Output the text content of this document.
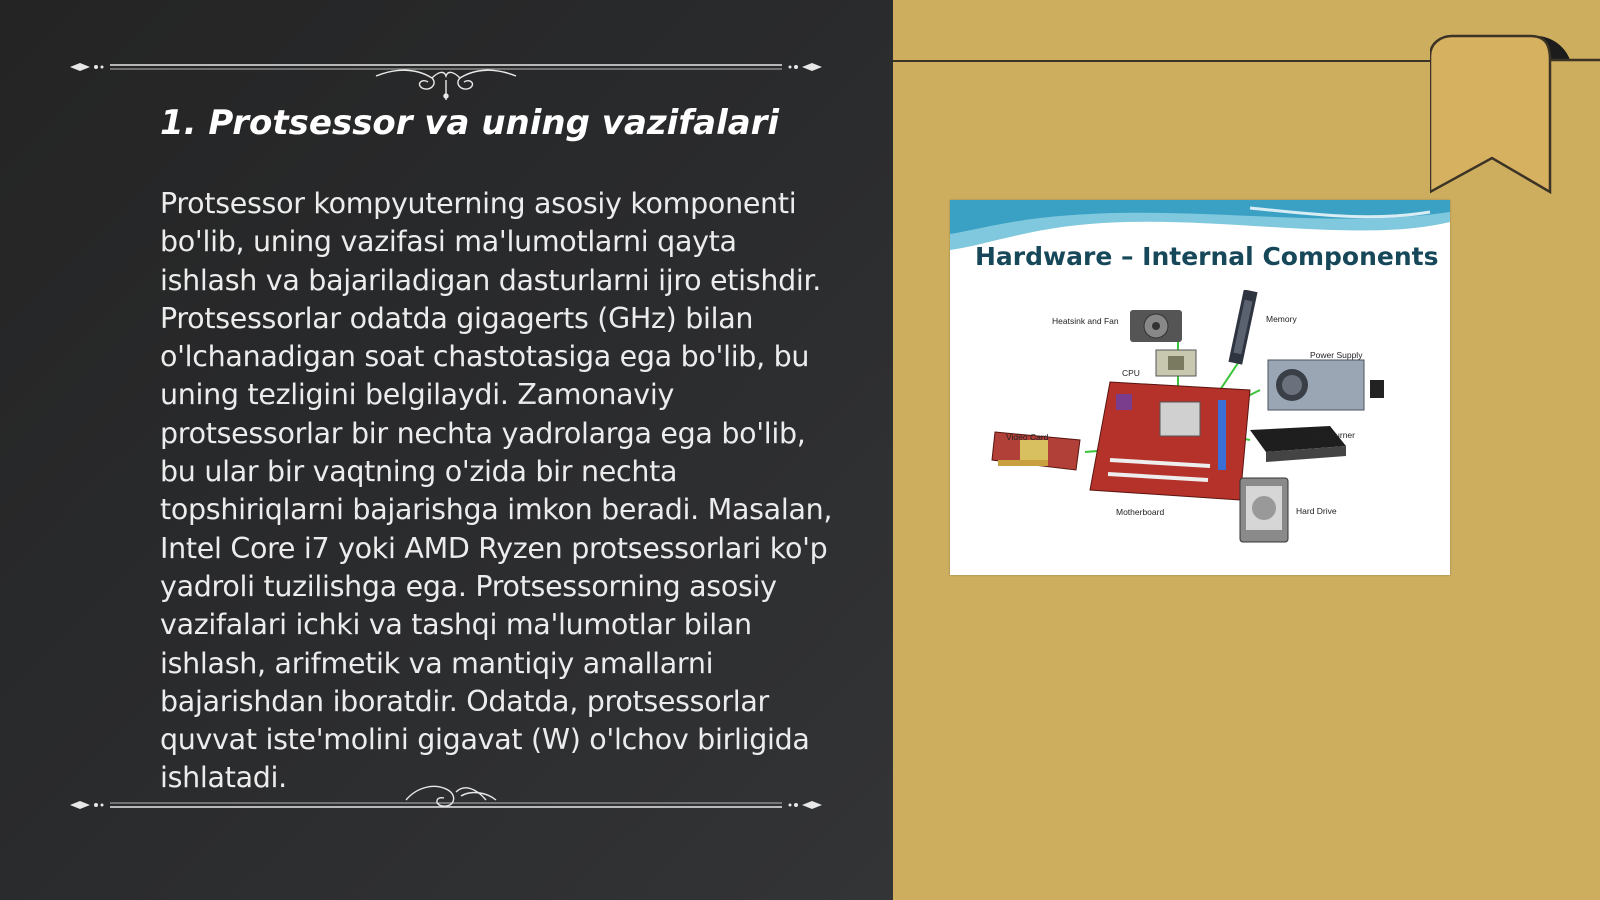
1. Protsessor va uning vazifalari

Protsessor kompyuterning asosiy komponenti bo'lib, uning vazifasi ma'lumotlarni qayta ishlash va bajariladigan dasturlarni ijro etishdir. Protsessorlar odatda gigagerts (GHz) bilan o'lchanadigan soat chastotasiga ega bo'lib, bu uning tezligini belgilaydi. Zamonaviy protsessorlar bir nechta yadrolarga ega bo'lib, bu ular bir vaqtning o'zida bir nechta topshiriqlarni bajarishga imkon beradi. Masalan, Intel Core i7 yoki AMD Ryzen protsessorlari ko'p yadroli tuzilishga ega. Protsessorning asosiy vazifalari ichki va tashqi ma'lumotlar bilan ishlash, arifmetik va mantiqiy amallarni bajarishdan iboratdir. Odatda, protsessorlar quvvat iste'molini gigavat (W) o'lchov birligida ishlatadi.

Hardware – Internal Components
Heatsink and Fan	Memory
CPU
Power Supply
Video Card	Dvd Burner
Motherboard	Hard Drive
